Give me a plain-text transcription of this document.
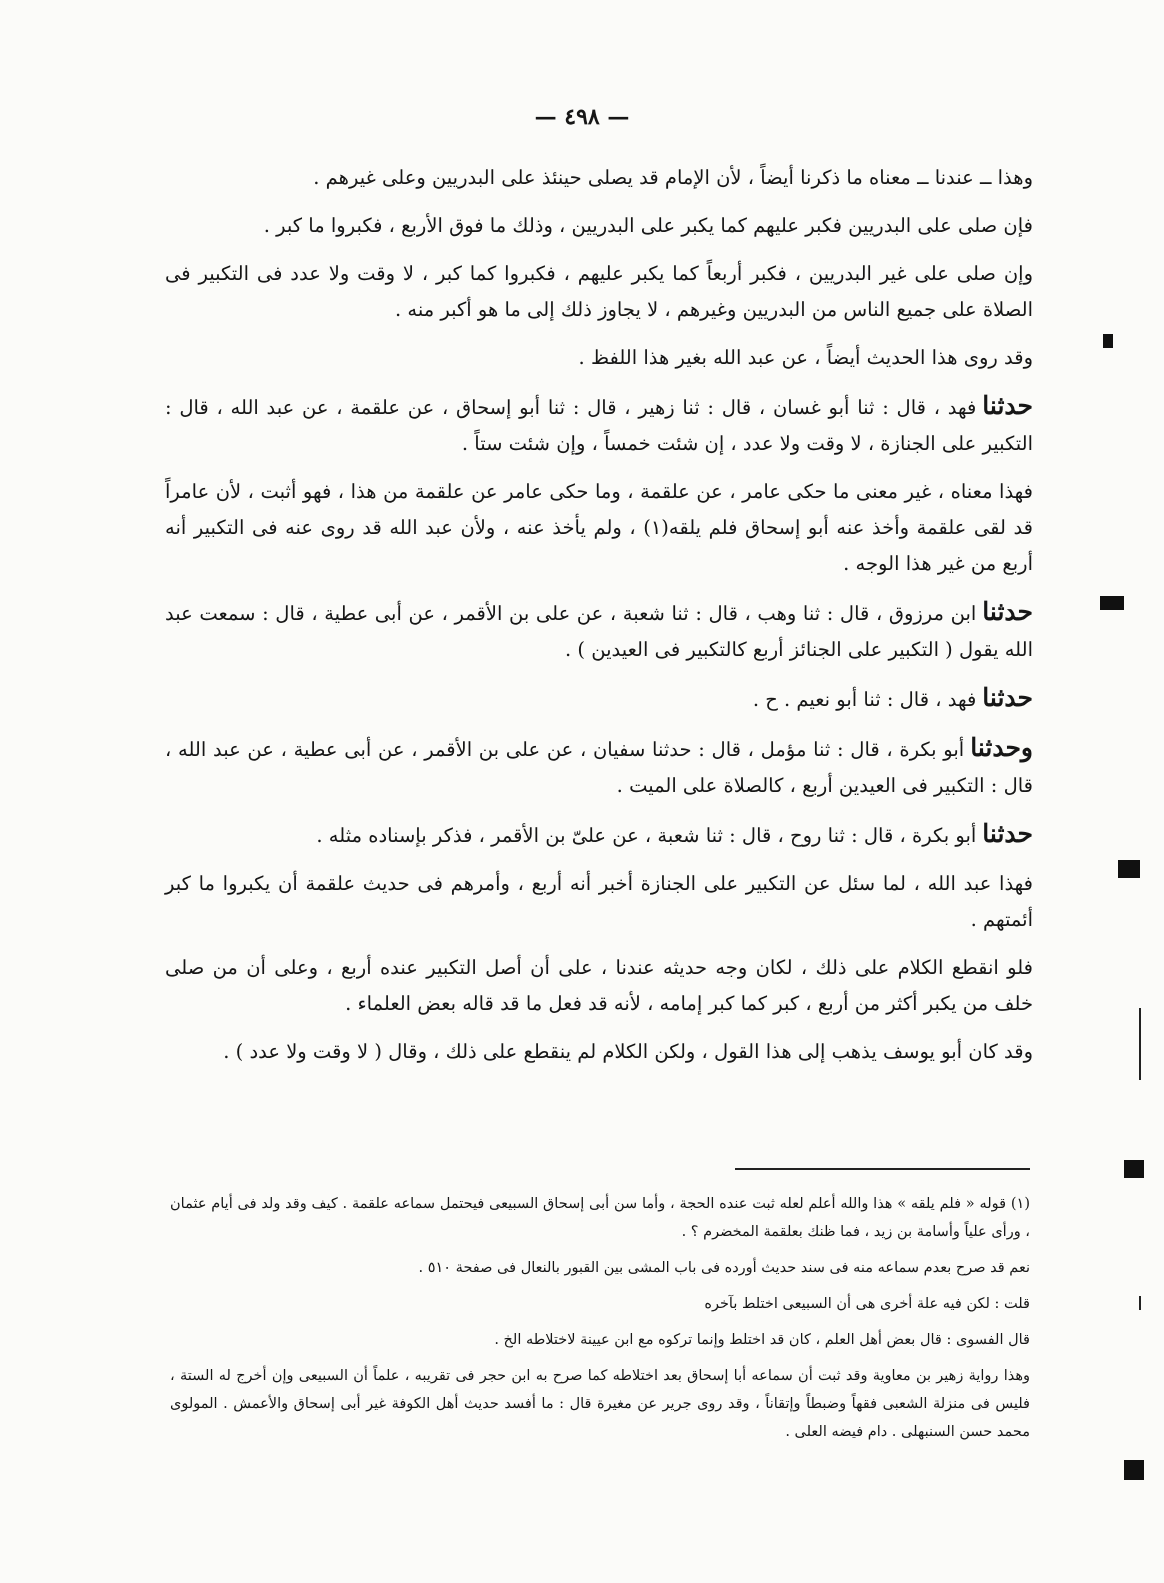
— ٤٩٨ —

وهذا ــ عندنا ــ معناه ما ذكرنا أيضاً ، لأن الإمام قد يصلى حينئذ على البدريين وعلى غيرهم .

فإن صلى على البدريين فكبر عليهم كما يكبر على البدريين ، وذلك ما فوق الأربع ، فكبروا ما كبر .

وإن صلى على غير البدريين ، فكبر أربعاً كما يكبر عليهم ، فكبروا كما كبر ، لا وقت ولا عدد فى التكبير فى الصلاة على جميع الناس من البدريين وغيرهم ، لا يجاوز ذلك إلى ما هو أكبر منه .

وقد روى هذا الحديث أيضاً ، عن عبد الله بغير هذا اللفظ .

حدثنافهد ، قال : ثنا أبو غسان ، قال : ثنا زهير ، قال : ثنا أبو إسحاق ، عن علقمة ، عن عبد الله ، قال : التكبير على الجنازة ، لا وقت ولا عدد ، إن شئت خمساً ، وإن شئت ستاً .

فهذا معناه ، غير معنى ما حكى عامر ، عن علقمة ، وما حكى عامر عن علقمة من هذا ، فهو أثبت ، لأن عامراً قد لقى علقمة وأخذ عنه أبو إسحاق فلم يلقه(١) ، ولم يأخذ عنه ، ولأن عبد الله قد روى عنه فى التكبير أنه أربع من غير هذا الوجه .

حدثناابن مرزوق ، قال : ثنا وهب ، قال : ثنا شعبة ، عن على بن الأقمر ، عن أبى عطية ، قال : سمعت عبد الله يقول ( التكبير على الجنائز أربع كالتكبير فى العيدين ) .

حدثنافهد ، قال : ثنا أبو نعيم . ح .

وحدثناأبو بكرة ، قال : ثنا مؤمل ، قال : حدثنا سفيان ، عن على بن الأقمر ، عن أبى عطية ، عن عبد الله ، قال : التكبير فى العيدين أربع ، كالصلاة على الميت .

حدثناأبو بكرة ، قال : ثنا روح ، قال : ثنا شعبة ، عن علىّ بن الأقمر ، فذكر بإسناده مثله .

فهذا عبد الله ، لما سئل عن التكبير على الجنازة أخبر أنه أربع ، وأمرهم فى حديث علقمة أن يكبروا ما كبر أئمتهم .

فلو انقطع الكلام على ذلك ، لكان وجه حديثه عندنا ، على أن أصل التكبير عنده أربع ، وعلى أن من صلى خلف من يكبر أكثر من أربع ، كبر كما كبر إمامه ، لأنه قد فعل ما قد قاله بعض العلماء .

وقد كان أبو يوسف يذهب إلى هذا القول ، ولكن الكلام لم ينقطع على ذلك ، وقال ( لا وقت ولا عدد ) .

(١) قوله « فلم يلقه » هذا والله أعلم لعله ثبت عنده الحجة ، وأما سن أبى إسحاق السبيعى فيحتمل سماعه علقمة . كيف وقد ولد فى أيام عثمان ، ورأى علياً وأسامة بن زيد ، فما ظنك بعلقمة المخضرم ؟ .

نعم قد صرح بعدم سماعه منه فى سند حديث أورده فى باب المشى بين القبور بالنعال فى صفحة ٥١٠ .

قلت : لكن فيه علة أخرى هى أن السبيعى اختلط بآخره

قال الفسوى : قال بعض أهل العلم ، كان قد اختلط وإنما تركوه مع ابن عيينة لاختلاطه الخ .

وهذا رواية زهير بن معاوية وقد ثبت أن سماعه أبا إسحاق بعد اختلاطه كما صرح به ابن حجر فى تقريبه ، علماً أن السبيعى وإن أخرج له الستة ، فليس فى منزلة الشعبى فقهاً وضبطاً وإتقاناً ، وقد روى جرير عن مغيرة قال : ما أفسد حديث أهل الكوفة غير أبى إسحاق والأعمش . المولوى محمد حسن السنبهلى . دام فيضه العلى .
